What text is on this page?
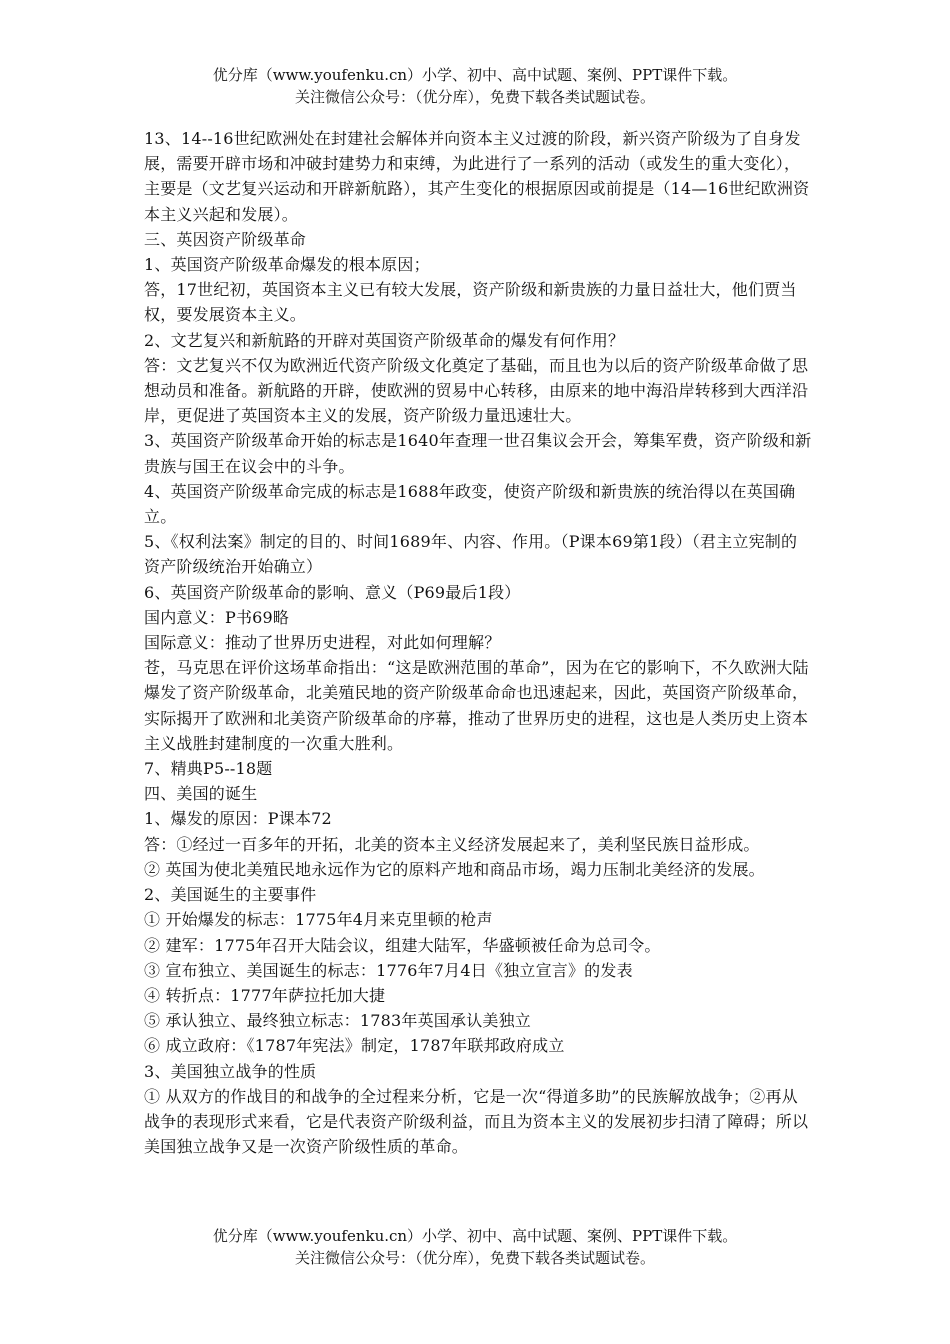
优分库（www.youfenku.cn）小学、初中、高中试题、案例、PPT课件下载。
关注微信公众号：（优分库），免费下载各类试题试卷。

13、14--16世纪欧洲处在封建社会解体并向资本主义过渡的阶段，新兴资产阶级为了自身发展，需要开辟市场和冲破封建势力和束缚，为此进行了一系列的活动（或发生的重大变化），主要是（文艺复兴运动和开辟新航路），其产生变化的根据原因或前提是（14—16世纪欧洲资本主义兴起和发展）。

三、英因资产阶级革命

1、英国资产阶级革命爆发的根本原因；

答，17世纪初，英国资本主义已有较大发展，资产阶级和新贵族的力量日益壮大，他们贾当权，要发展资本主义。

2、文艺复兴和新航路的开辟对英国资产阶级革命的爆发有何作用？

答：文艺复兴不仅为欧洲近代资产阶级文化奠定了基础，而且也为以后的资产阶级革命做了思想动员和准备。新航路的开辟，使欧洲的贸易中心转移，由原来的地中海沿岸转移到大西洋沿岸，更促进了英国资本主义的发展，资产阶级力量迅速壮大。

3、英国资产阶级革命开始的标志是1640年查理一世召集议会开会，筹集军费，资产阶级和新贵族与国王在议会中的斗争。

4、英国资产阶级革命完成的标志是1688年政变，使资产阶级和新贵族的统治得以在英国确立。

5、《权利法案》制定的目的、时间1689年、内容、作用。（P课本69第1段）（君主立宪制的资产阶级统治开始确立）

6、英国资产阶级革命的影响、意义（P69最后1段）

国内意义：P书69略

国际意义：推动了世界历史进程，对此如何理解？

苍，马克思在评价这场革命指出：“这是欧洲范围的革命”，因为在它的影响下，不久欧洲大陆爆发了资产阶级革命，北美殖民地的资产阶级革命命也迅速起来，因此，英国资产阶级革命，实际揭开了欧洲和北美资产阶级革命的序幕，推动了世界历史的进程，这也是人类历史上资本主义战胜封建制度的一次重大胜利。

7、精典P5--18题

四、美国的诞生

1、爆发的原因：P课本72

答：①经过一百多年的开拓，北美的资本主义经济发展起来了，美利坚民族日益形成。

② 英国为使北美殖民地永远作为它的原料产地和商品市场，竭力压制北美经济的发展。

2、美国诞生的主要事件

① 开始爆发的标志：1775年4月来克里顿的枪声

② 建军：1775年召开大陆会议，组建大陆军，华盛顿被任命为总司令。

③ 宣布独立、美国诞生的标志：1776年7月4日《独立宣言》的发表

④ 转折点：1777年萨拉托加大捷

⑤ 承认独立、最终独立标志：1783年英国承认美独立

⑥ 成立政府：《1787年宪法》制定，1787年联邦政府成立

3、美国独立战争的性质

① 从双方的作战目的和战争的全过程来分析，它是一次“得道多助”的民族解放战争；②再从战争的表现形式来看，它是代表资产阶级利益，而且为资本主义的发展初步扫清了障碍；所以美国独立战争又是一次资产阶级性质的革命。

优分库（www.youfenku.cn）小学、初中、高中试题、案例、PPT课件下载。
关注微信公众号：（优分库），免费下载各类试题试卷。
